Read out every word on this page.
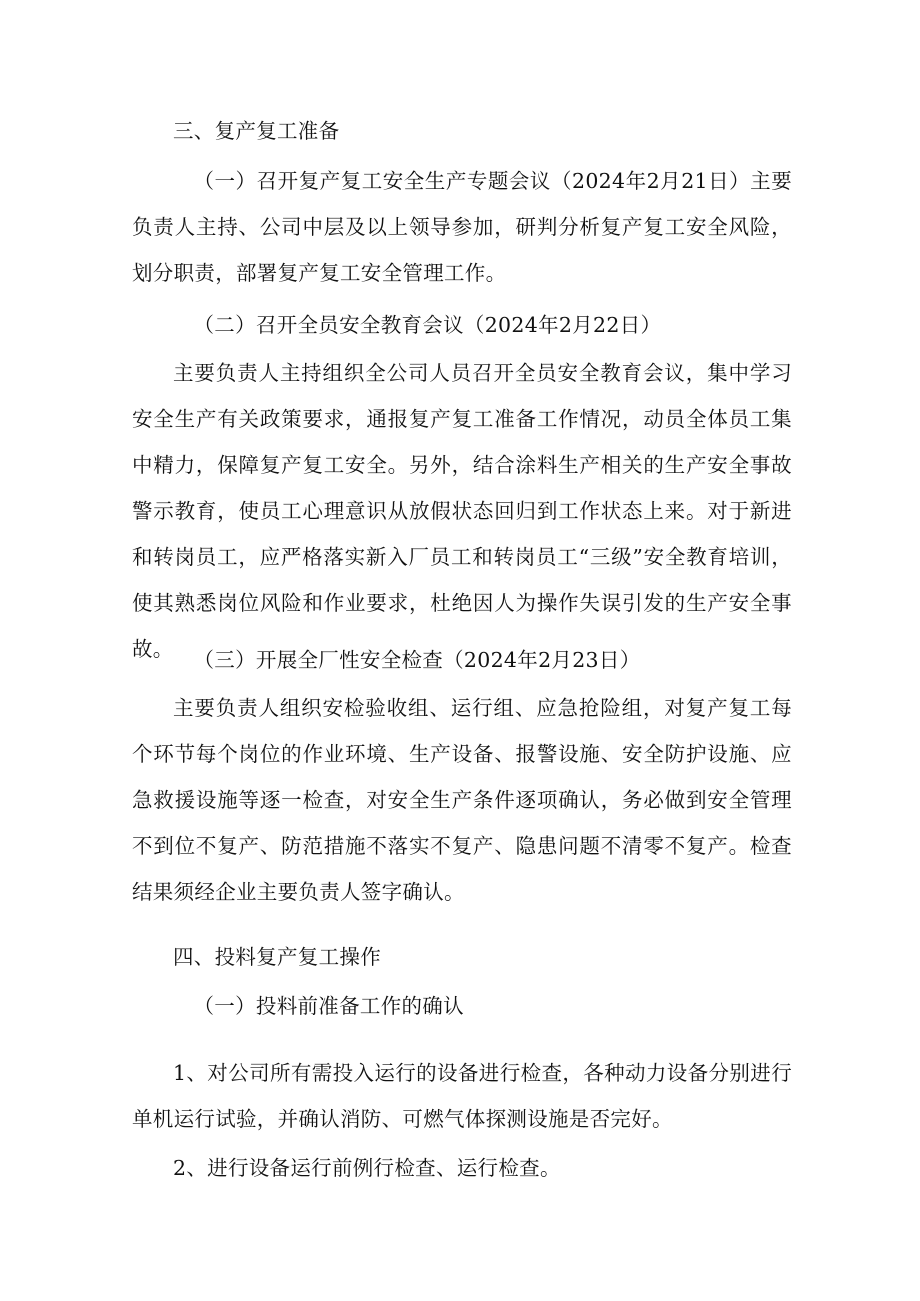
三、复产复工准备

（一）召开复产复工安全生产专题会议（2024年2月21日）主要负责人主持、公司中层及以上领导参加，研判分析复产复工安全风险，划分职责，部署复产复工安全管理工作。

（二）召开全员安全教育会议（2024年2月22日）

主要负责人主持组织全公司人员召开全员安全教育会议，集中学习安全生产有关政策要求，通报复产复工准备工作情况，动员全体员工集中精力，保障复产复工安全。另外，结合涂料生产相关的生产安全事故警示教育，使员工心理意识从放假状态回归到工作状态上来。对于新进和转岗员工，应严格落实新入厂员工和转岗员工“三级”安全教育培训，使其熟悉岗位风险和作业要求，杜绝因人为操作失误引发的生产安全事故。 （三）开展全厂性安全检查（2024年2月23日）

主要负责人组织安检验收组、运行组、应急抢险组，对复产复工每个环节每个岗位的作业环境、生产设备、报警设施、安全防护设施、应急救援设施等逐一检查，对安全生产条件逐项确认，务必做到安全管理不到位不复产、防范措施不落实不复产、隐患问题不清零不复产。检查结果须经企业主要负责人签字确认。

四、投料复产复工操作

（一）投料前准备工作的确认

1、对公司所有需投入运行的设备进行检查，各种动力设备分别进行单机运行试验，并确认消防、可燃气体探测设施是否完好。

2、进行设备运行前例行检查、运行检查。
